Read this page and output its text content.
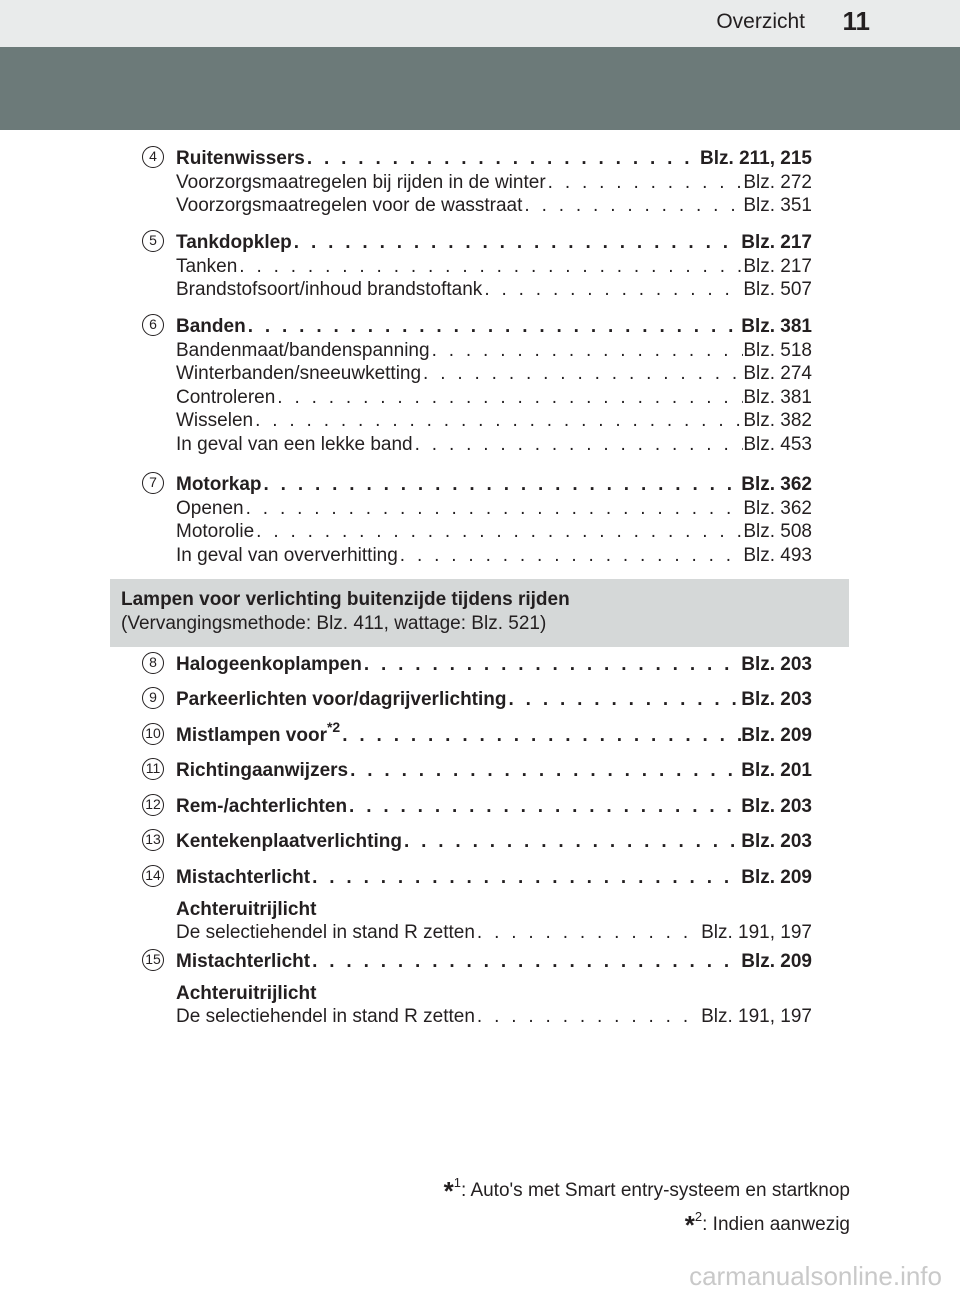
Overzicht 11
4	Ruitenwissers . . .	Blz. 211, 215
Voorzorgsmaatregelen bij rijden in de winter . . .	Blz. 272
Voorzorgsmaatregelen voor de wasstraat . . .	Blz. 351
5	Tankdopklep . . .	Blz. 217
Tanken . . .	Blz. 217
Brandstofsoort/inhoud brandstoftank . . .	Blz. 507
6	Banden . . .	Blz. 381
Bandenmaat/bandenspanning . . .	Blz. 518
Winterbanden/sneeuwketting . . .	Blz. 274
Controleren . . .	Blz. 381
Wisselen . . .	Blz. 382
In geval van een lekke band . . .	Blz. 453
7	Motorkap . . .	Blz. 362
Openen . . .	Blz. 362
Motorolie . . .	Blz. 508
In geval van oververhitting . . .	Blz. 493
Lampen voor verlichting buitenzijde tijdens rijden
(Vervangingsmethode: Blz. 411, wattage: Blz. 521)
8	Halogeenkoplampen . . .	Blz. 203
9	Parkeerlichten voor/dagrijverlichting . . .	Blz. 203
10 Mistlampen voor$^{*2}$ . . .	Blz. 209
11 Richtingaanwijzers . . .	Blz. 201
12 Rem-/achterlichten . . .	Blz. 203
13 Kentekenplaatverlichting . . .	Blz. 203
14 Mistachterlicht . . .	Blz. 209
Achteruitrijlicht
De selectiehendel in stand R zetten . . .	Blz. 191, 197
15 Mistachterlicht . . .	Blz. 209
Achteruitrijlicht
De selectiehendel in stand R zetten . . .	Blz. 191, 197
*$^1$: Auto's met Smart entry-systeem en startknop
*$^2$: Indien aanwezig
carmanualsonline.info
